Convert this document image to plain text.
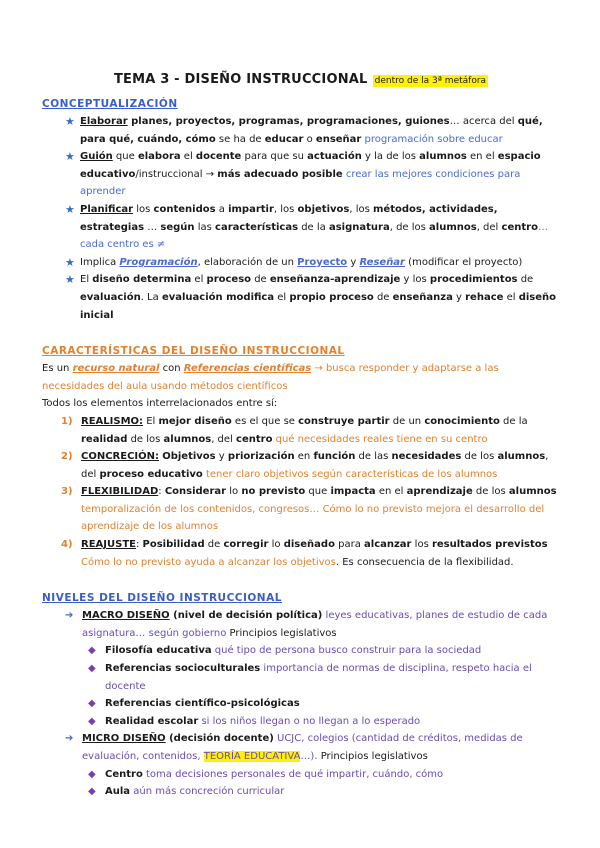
TEMA 3 - DISEÑO INSTRUCCIONAL dentro de la 3ª metáfora
CONCEPTUALIZACIÓN
★ Elaborar planes, proyectos, programas, programaciones, guiones… acerca del qué, para qué, cuándo, cómo se ha de educar o enseñar programación sobre educar
★ Guión que elabora el docente para que su actuación y la de los alumnos en el espacio educativo/instruccional → más adecuado posible crear las mejores condiciones para aprender
★ Planificar los contenidos a impartir, los objetivos, los métodos, actividades, estrategias … según las características de la asignatura, de los alumnos, del centro… cada centro es ≠
★ Implica Programación, elaboración de un Proyecto y Reseñar (modificar el proyecto)
★ El diseño determina el proceso de enseñanza-aprendizaje y los procedimientos de evaluación. La evaluación modifica el propio proceso de enseñanza y rehace el diseño inicial
CARACTERÍSTICAS DEL DISEÑO INSTRUCCIONAL

Es un recurso natural con Referencias científicas → busca responder y adaptarse a las necesidades del aula usando métodos científicos

Todos los elementos interrelacionados entre sí:

1) REALISMO: El mejor diseño es el que se construye partir de un conocimiento de la realidad de los alumnos, del centro qué necesidades reales tiene en su centro
2) CONCRECIÓN: Objetivos y priorización en función de las necesidades de los alumnos, del proceso educativo tener claro objetivos según características de los alumnos
3) FLEXIBILIDAD: Considerar lo no previsto que impacta en el aprendizaje de los alumnos temporalización de los contenidos, congresos… Cómo lo no previsto mejora el desarrollo del aprendizaje de los alumnos
4) REAJUSTE: Posibilidad de corregir lo diseñado para alcanzar los resultados previstos Cómo lo no previsto ayuda a alcanzar los objetivos. Es consecuencia de la flexibilidad.
NIVELES DEL DISEÑO INSTRUCCIONAL
➔ MACRO DISEÑO (nivel de decisión política) leyes educativas, planes de estudio de cada asignatura… según gobierno Principios legislativos
◆ Filosofía educativa qué tipo de persona busco construir para la sociedad
◆ Referencias socioculturales importancia de normas de disciplina, respeto hacia el docente
◆ Referencias científico-psicológicas
◆ Realidad escolar si los niños llegan o no llegan a lo esperado
➔ MICRO DISEÑO (decisión docente) UCJC, colegios (cantidad de créditos, medidas de evaluación, contenidos, TEORÍA EDUCATIVA…). Principios legislativos
◆ Centro toma decisiones personales de qué impartir, cuándo, cómo
◆ Aula aún más concreción curricular
